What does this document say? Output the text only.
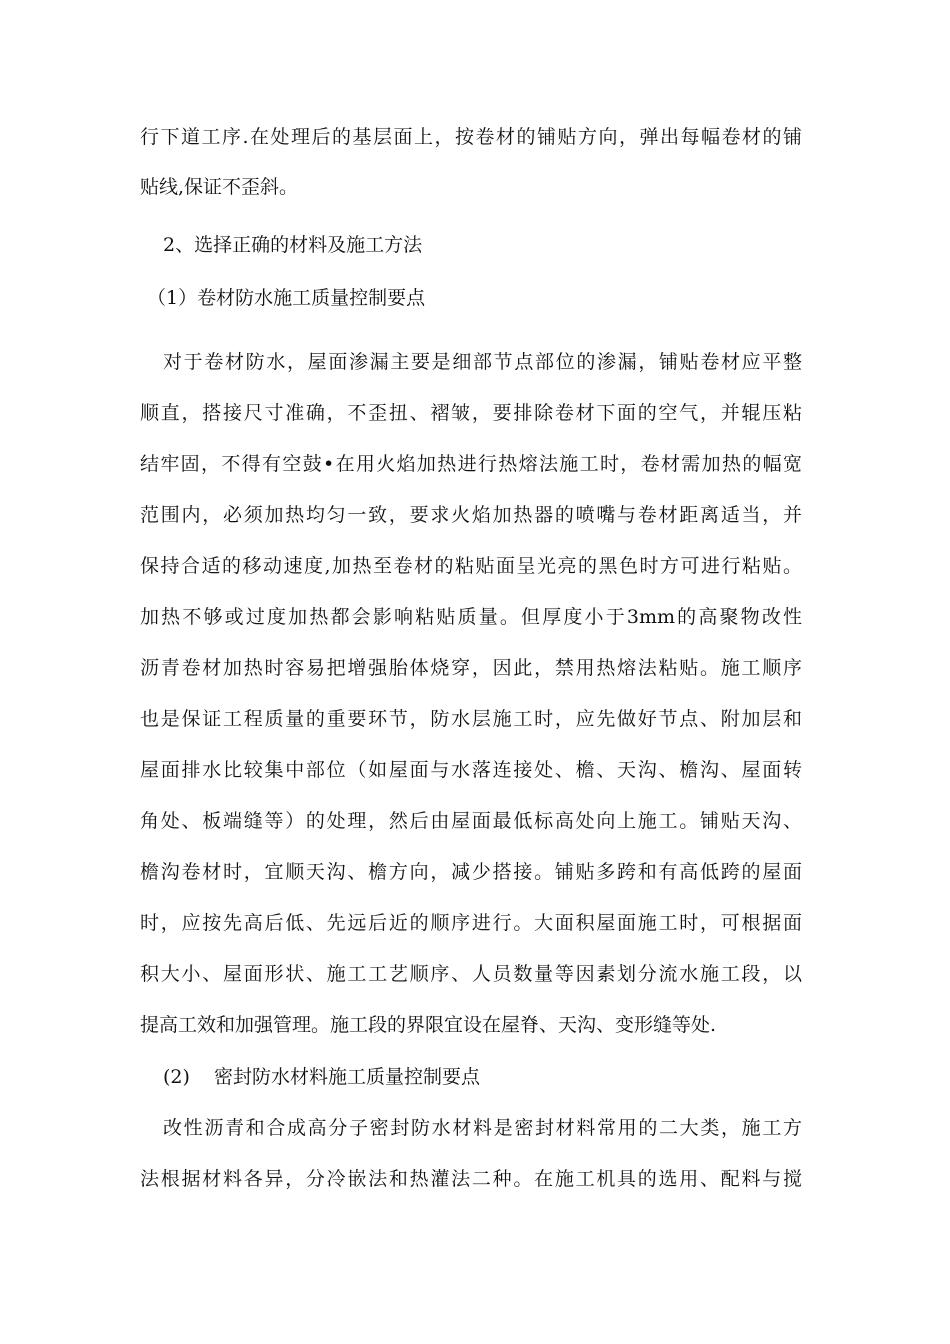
行下道工序.在处理后的基层面上，按卷材的铺贴方向，弹出每幅卷材的铺
贴线,保证不歪斜。
2、选择正确的材料及施工方法
（1）卷材防水施工质量控制要点
对于卷材防水，屋面渗漏主要是细部节点部位的渗漏，铺贴卷材应平整
顺直，搭接尺寸准确，不歪扭、褶皱，要排除卷材下面的空气，并辊压粘
结牢固，不得有空鼓•在用火焰加热进行热熔法施工时，卷材需加热的幅宽
范围内，必须加热均匀一致，要求火焰加热器的喷嘴与卷材距离适当，并
保持合适的移动速度,加热至卷材的粘贴面呈光亮的黑色时方可进行粘贴。
加热不够或过度加热都会影响粘贴质量。但厚度小于3mm的高聚物改性
沥青卷材加热时容易把增强胎体烧穿，因此，禁用热熔法粘贴。施工顺序
也是保证工程质量的重要环节，防水层施工时，应先做好节点、附加层和
屋面排水比较集中部位（如屋面与水落连接处、檐、天沟、檐沟、屋面转
角处、板端缝等）的处理，然后由屋面最低标高处向上施工。铺贴天沟、
檐沟卷材时，宜顺天沟、檐方向，减少搭接。铺贴多跨和有高低跨的屋面
时，应按先高后低、先远后近的顺序进行。大面积屋面施工时，可根据面
积大小、屋面形状、施工工艺顺序、人员数量等因素划分流水施工段，以
提高工效和加强管理。施工段的界限宜设在屋脊、天沟、变形缝等处.
(2)	密封防水材料施工质量控制要点
改性沥青和合成高分子密封防水材料是密封材料常用的二大类，施工方
法根据材料各异，分冷嵌法和热灌法二种。在施工机具的选用、配料与搅
